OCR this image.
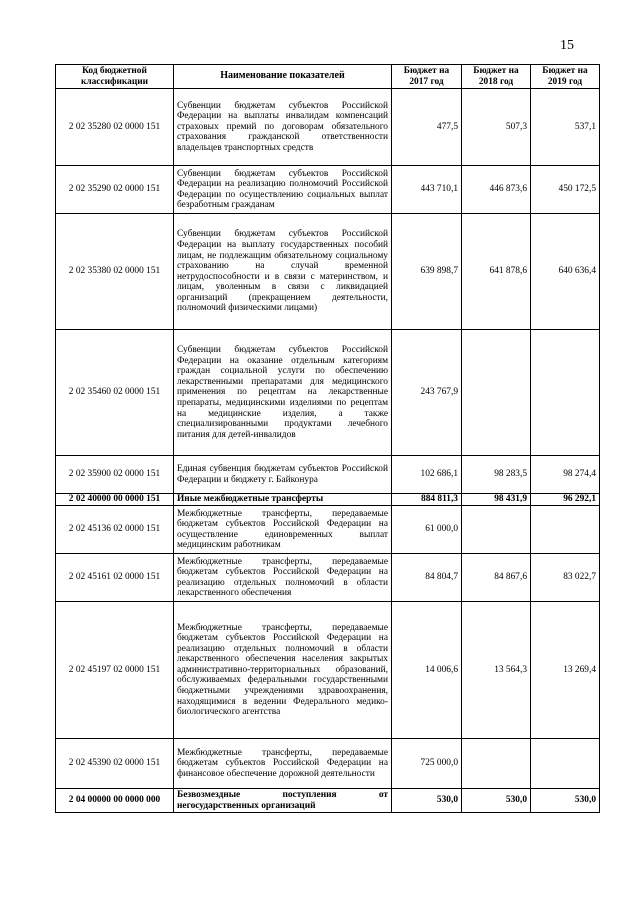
15
Код бюджетной классификации	Наименование показателей	Бюджет на 2017 год	Бюджет на 2018 год	Бюджет на 2019 год
2 02 35280 02 0000 151	Субвенции бюджетам субъектов Российской Федерации на выплаты инвалидам компенсаций страховых премий по договорам обязательного страхования гражданской ответственности владельцев транспортных средств	477,5	507,3	537,1
2 02 35290 02 0000 151	Субвенции бюджетам субъектов Российской Федерации на реализацию полномочий Российской Федерации по осуществлению социальных выплат безработным гражданам	443 710,1	446 873,6	450 172,5
2 02 35380 02 0000 151	Субвенции бюджетам субъектов Российской Федерации на выплату государственных пособий лицам, не подлежащим обязательному социальному страхованию на случай временной нетрудоспособности и в связи с материнством, и лицам, уволенным в связи с ликвидацией организаций (прекращением деятельности, полномочий физическими лицами)	639 898,7	641 878,6	640 636,4
2 02 35460 02 0000 151	Субвенции бюджетам субъектов Российской Федерации на оказание отдельным категориям граждан социальной услуги по обеспечению лекарственными препаратами для медицинского применения по рецептам на лекарственные препараты, медицинскими изделиями по рецептам на медицинские изделия, а также специализированными продуктами лечебного питания для детей-инвалидов	243 767,9		
2 02 35900 02 0000 151	Единая субвенция бюджетам субъектов Российской Федерации и бюджету г. Байконура	102 686,1	98 283,5	98 274,4
2 02 40000 00 0000 151	Иные межбюджетные трансферты	884 811,3	98 431,9	96 292,1
2 02 45136 02 0000 151	Межбюджетные трансферты, передаваемые бюджетам субъектов Российской Федерации на осуществление единовременных выплат медицинским работникам	61 000,0		
2 02 45161 02 0000 151	Межбюджетные трансферты, передаваемые бюджетам субъектов Российской Федерации на реализацию отдельных полномочий в области лекарственного обеспечения	84 804,7	84 867,6	83 022,7
2 02 45197 02 0000 151	Межбюджетные трансферты, передаваемые бюджетам субъектов Российской Федерации на реализацию отдельных полномочий в области лекарственного обеспечения населения закрытых административно-территориальных образований, обслуживаемых федеральными государственными бюджетными учреждениями здравоохранения, находящимися в ведении Федерального медико-биологического агентства	14 006,6	13 564,3	13 269,4
2 02 45390 02 0000 151	Межбюджетные трансферты, передаваемые бюджетам субъектов Российской Федерации на финансовое обеспечение дорожной деятельности	725 000,0		
2 04 00000 00 0000 000	Безвозмездные поступления от негосударственных организаций	530,0	530,0	530,0
